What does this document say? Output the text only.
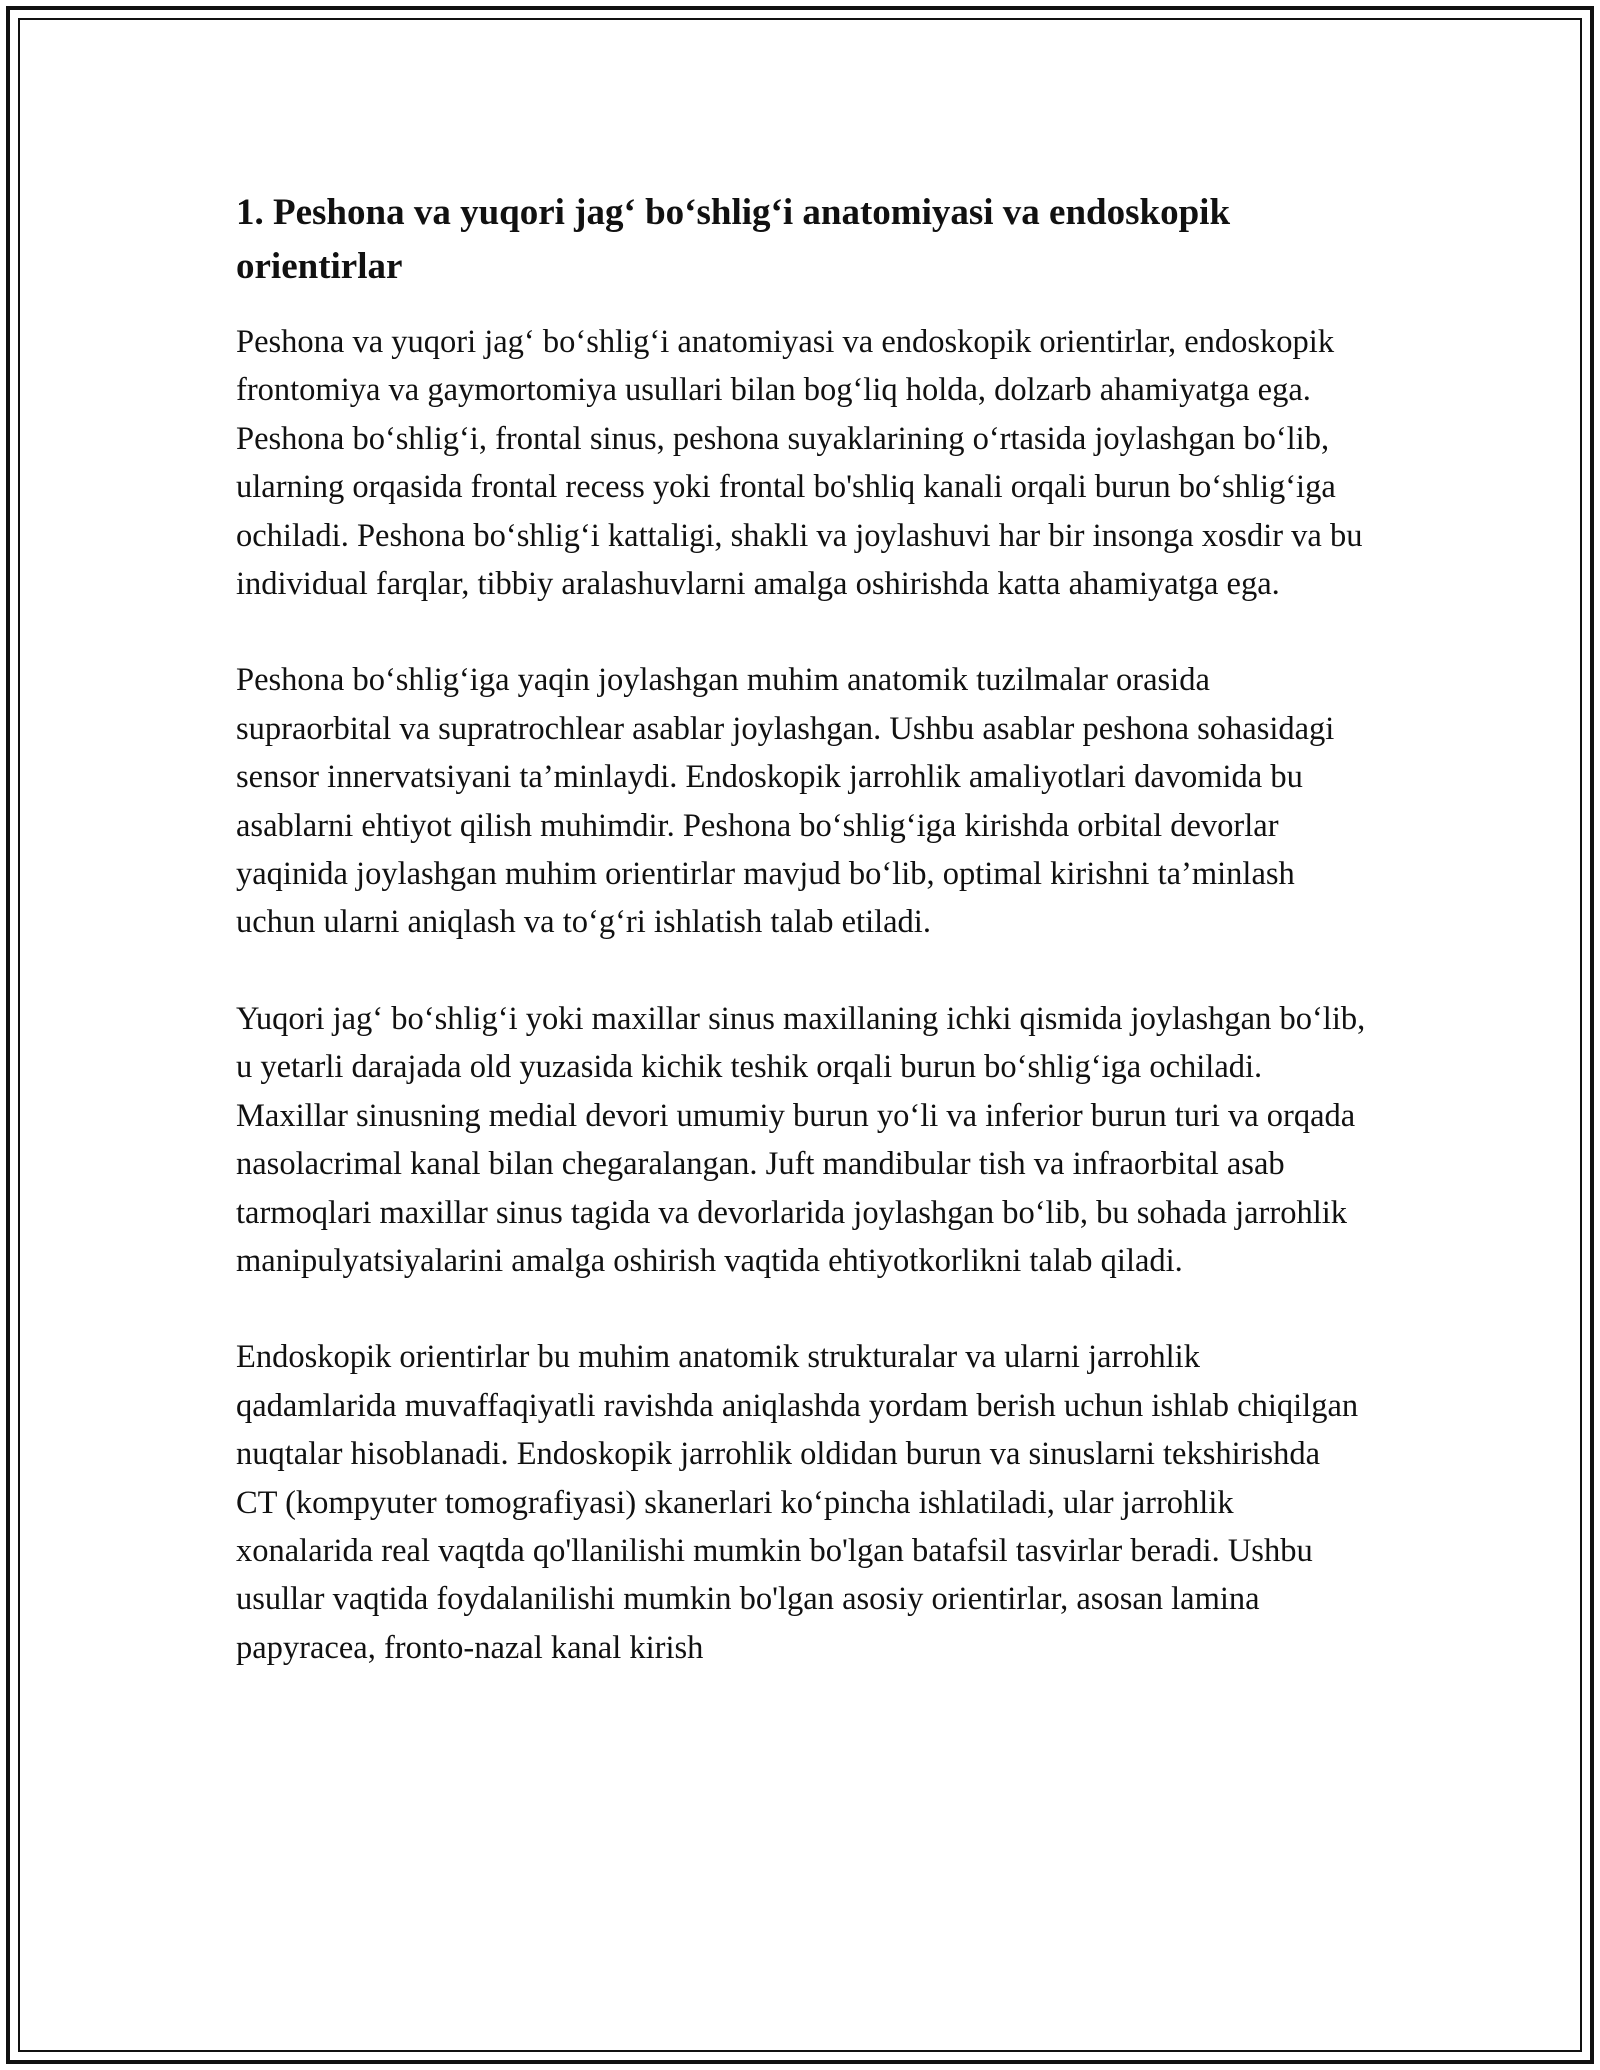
1. Peshona va yuqori jag‘ bo‘shlig‘i anatomiyasi va endoskopik orientirlar

Peshona va yuqori jag‘ bo‘shlig‘i anatomiyasi va endoskopik orientirlar, endoskopik frontomiya va gaymortomiya usullari bilan bog‘liq holda, dolzarb ahamiyatga ega. Peshona bo‘shlig‘i, frontal sinus, peshona suyaklarining o‘rtasida joylashgan bo‘lib, ularning orqasida frontal recess yoki frontal bo'shliq kanali orqali burun bo‘shlig‘iga ochiladi. Peshona bo‘shlig‘i kattaligi, shakli va joylashuvi har bir insonga xosdir va bu individual farqlar, tibbiy aralashuvlarni amalga oshirishda katta ahamiyatga ega.

Peshona bo‘shlig‘iga yaqin joylashgan muhim anatomik tuzilmalar orasida supraorbital va supratrochlear asablar joylashgan. Ushbu asablar peshona sohasidagi sensor innervatsiyani ta’minlaydi. Endoskopik jarrohlik amaliyotlari davomida bu asablarni ehtiyot qilish muhimdir. Peshona bo‘shlig‘iga kirishda orbital devorlar yaqinida joylashgan muhim orientirlar mavjud bo‘lib, optimal kirishni ta’minlash uchun ularni aniqlash va to‘g‘ri ishlatish talab etiladi.

Yuqori jag‘ bo‘shlig‘i yoki maxillar sinus maxillaning ichki qismida joylashgan bo‘lib, u yetarli darajada old yuzasida kichik teshik orqali burun bo‘shlig‘iga ochiladi. Maxillar sinusning medial devori umumiy burun yo‘li va inferior burun turi va orqada nasolacrimal kanal bilan chegaralangan. Juft mandibular tish va infraorbital asab tarmoqlari maxillar sinus tagida va devorlarida joylashgan bo‘lib, bu sohada jarrohlik manipulyatsiyalarini amalga oshirish vaqtida ehtiyotkorlikni talab qiladi.

Endoskopik orientirlar bu muhim anatomik strukturalar va ularni jarrohlik qadamlarida muvaffaqiyatli ravishda aniqlashda yordam berish uchun ishlab chiqilgan nuqtalar hisoblanadi. Endoskopik jarrohlik oldidan burun va sinuslarni tekshirishda CT (kompyuter tomografiyasi) skanerlari ko‘pincha ishlatiladi, ular jarrohlik xonalarida real vaqtda qo'llanilishi mumkin bo'lgan batafsil tasvirlar beradi. Ushbu usullar vaqtida foydalanilishi mumkin bo'lgan asosiy orientirlar, asosan lamina papyracea, fronto-nazal kanal kirish
